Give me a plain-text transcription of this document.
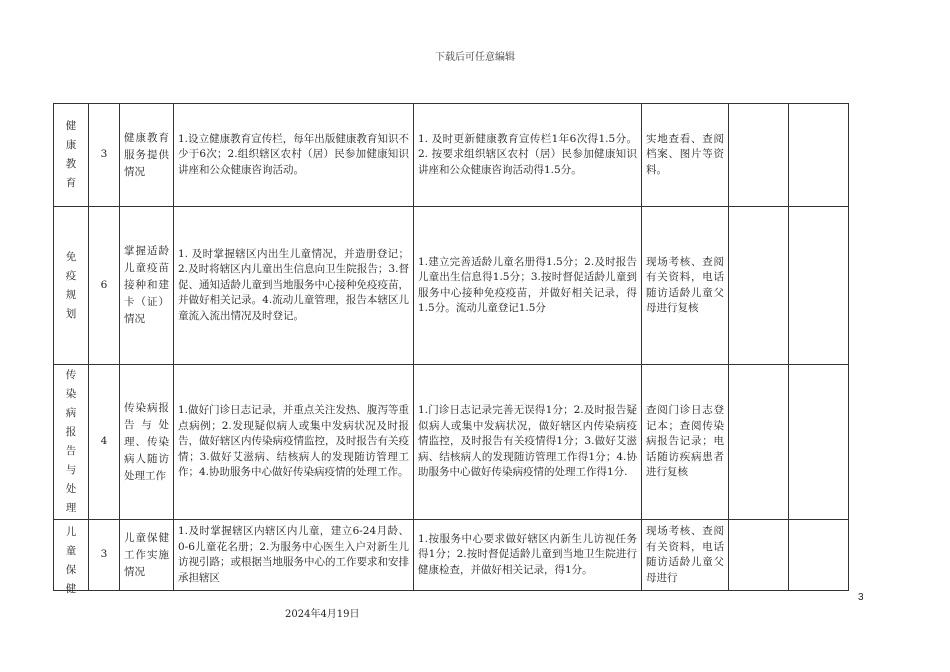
下载后可任意编辑
健康教育	3	健康教育服务提供情况	1.设立健康教育宣传栏，每年出版健康教育知识不少于6次；2.组织辖区农村（居）民参加健康知识讲座和公众健康咨询活动。	1. 及时更新健康教育宣传栏1年6次得1.5分。2. 按要求组织辖区农村（居）民参加健康知识讲座和公众健康咨询活动得1.5分。	实地查看、查阅档案、图片等资料。		

免疫规划	6	掌握适龄儿童疫苗接种和建卡（证）情况	1. 及时掌握辖区内出生儿童情况，并造册登记；2.及时将辖区内儿童出生信息向卫生院报告；3.督促、通知适龄儿童到当地服务中心接种免疫疫苗，并做好相关记录。4.流动儿童管理，报告本辖区儿童流入流出情况及时登记。	1.建立完善适龄儿童名册得1.5分；2.及时报告儿童出生信息得1.5分；3.按时督促适龄儿童到服务中心接种免疫疫苗，并做好相关记录，得1.5分。流动儿童登记1.5分	现场考核、查阅有关资料，电话随访适龄儿童父母进行复核		

传染病报告与处理	4	传染病报告与处理、传染病人随访处理工作	1.做好门诊日志记录，并重点关注发热、腹泻等重点病例；2.发现疑似病人或集中发病状况及时报告，做好辖区内传染病疫情监控，及时报告有关疫情；3.做好艾滋病、结核病人的发现随访管理工作；4.协助服务中心做好传染病疫情的处理工作。	1.门诊日志记录完善无误得1分；2.及时报告疑似病人或集中发病状况，做好辖区内传染病疫情监控，及时报告有关疫情得1分；3.做好艾滋病、结核病人的发现随访管理工作得1分；4.协助服务中心做好传染病疫情的处理工作得1分.	查阅门诊日志登记本；查阅传染病报告记录；电话随访疾病患者进行复核		

儿童保健	3	儿童保健工作实施情况	1.及时掌握辖区内辖区内儿童，建立6-24月龄、0-6儿童花名册；2.为服务中心医生入户对新生儿访视引路；或根据当地服务中心的工作要求和安排承担辖区	1.按服务中心要求做好辖区内新生儿访视任务得1分；2.按时督促适龄儿童到当地卫生院进行健康检查，并做好相关记录，得1分。	现场考核、查阅有关资料，电话随访适龄儿童父母进行		

3
2024年4月19日
